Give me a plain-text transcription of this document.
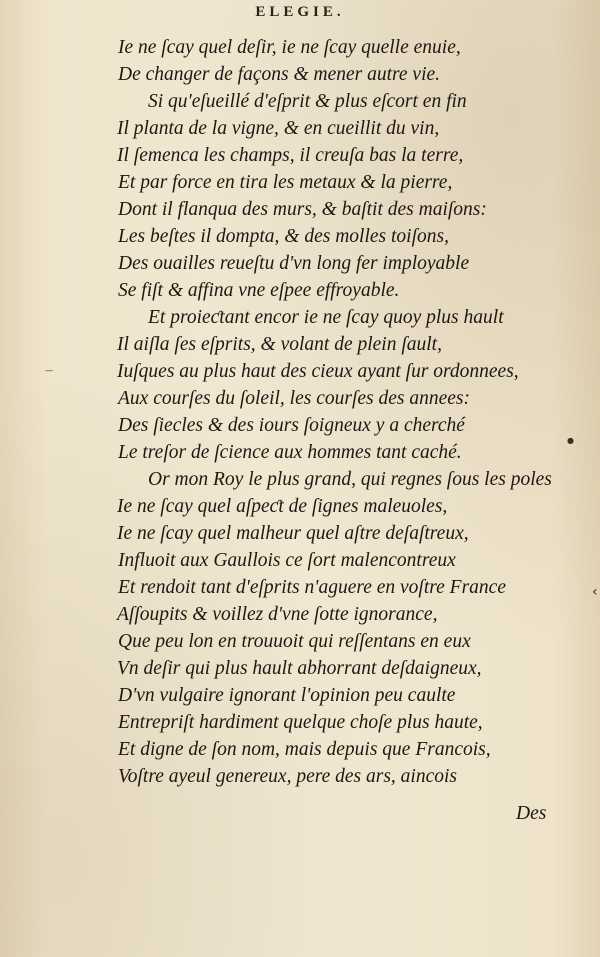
ELEGIE.
Ie ne ſcay quel deſir, ie ne ſcay quelle enuie,
De changer de façons & mener autre vie.
Si qu'eſueillé d'eſprit & plus eſcort en fin
Il planta de la vigne, & en cueillit du vin,
Il ſemenca les champs, il creuſa bas la terre,
Et par force en tira les metaux & la pierre,
Dont il flanqua des murs, & baſtit des maiſons:
Les beſtes il dompta, & des molles toiſons,
Des ouailles reueſtu d'vn long fer imployable
Se fiſt & affina vne eſpee effroyable.
Et proieƈtant encor ie ne ſcay quoy plus hault
Il aiſla ſes eſprits, & volant de plein ſault,
Iuſques au plus haut des cieux ayant ſur ordonnees,
Aux courſes du ſoleil, les courſes des annees:
Des ſiecles & des iours ſoigneux y a cherché
Le treſor de ſcience aux hommes tant caché.
Or mon Roy le plus grand, qui regnes ſous les poles
Ie ne ſcay quel aſpeƈt de ſignes maleuoles,
Ie ne ſcay quel malheur quel aſtre deſaſtreux,
Influoit aux Gaullois ce ſort malencontreux
Et rendoit tant d'eſprits n'aguere en voſtre France
Aſſoupits & voillez d'vne ſotte ignorance,
Que peu lon en trouuoit qui reſſentans en eux
Vn deſir qui plus hault abhorrant deſdaigneux,
D'vn vulgaire ignorant l'opinion peu caulte
Entrepriſt hardiment quelque choſe plus haute,
Et digne de ſon nom, mais depuis que Francois,
Voſtre ayeul genereux, pere des ars, aincois
Des
●
‹
—
